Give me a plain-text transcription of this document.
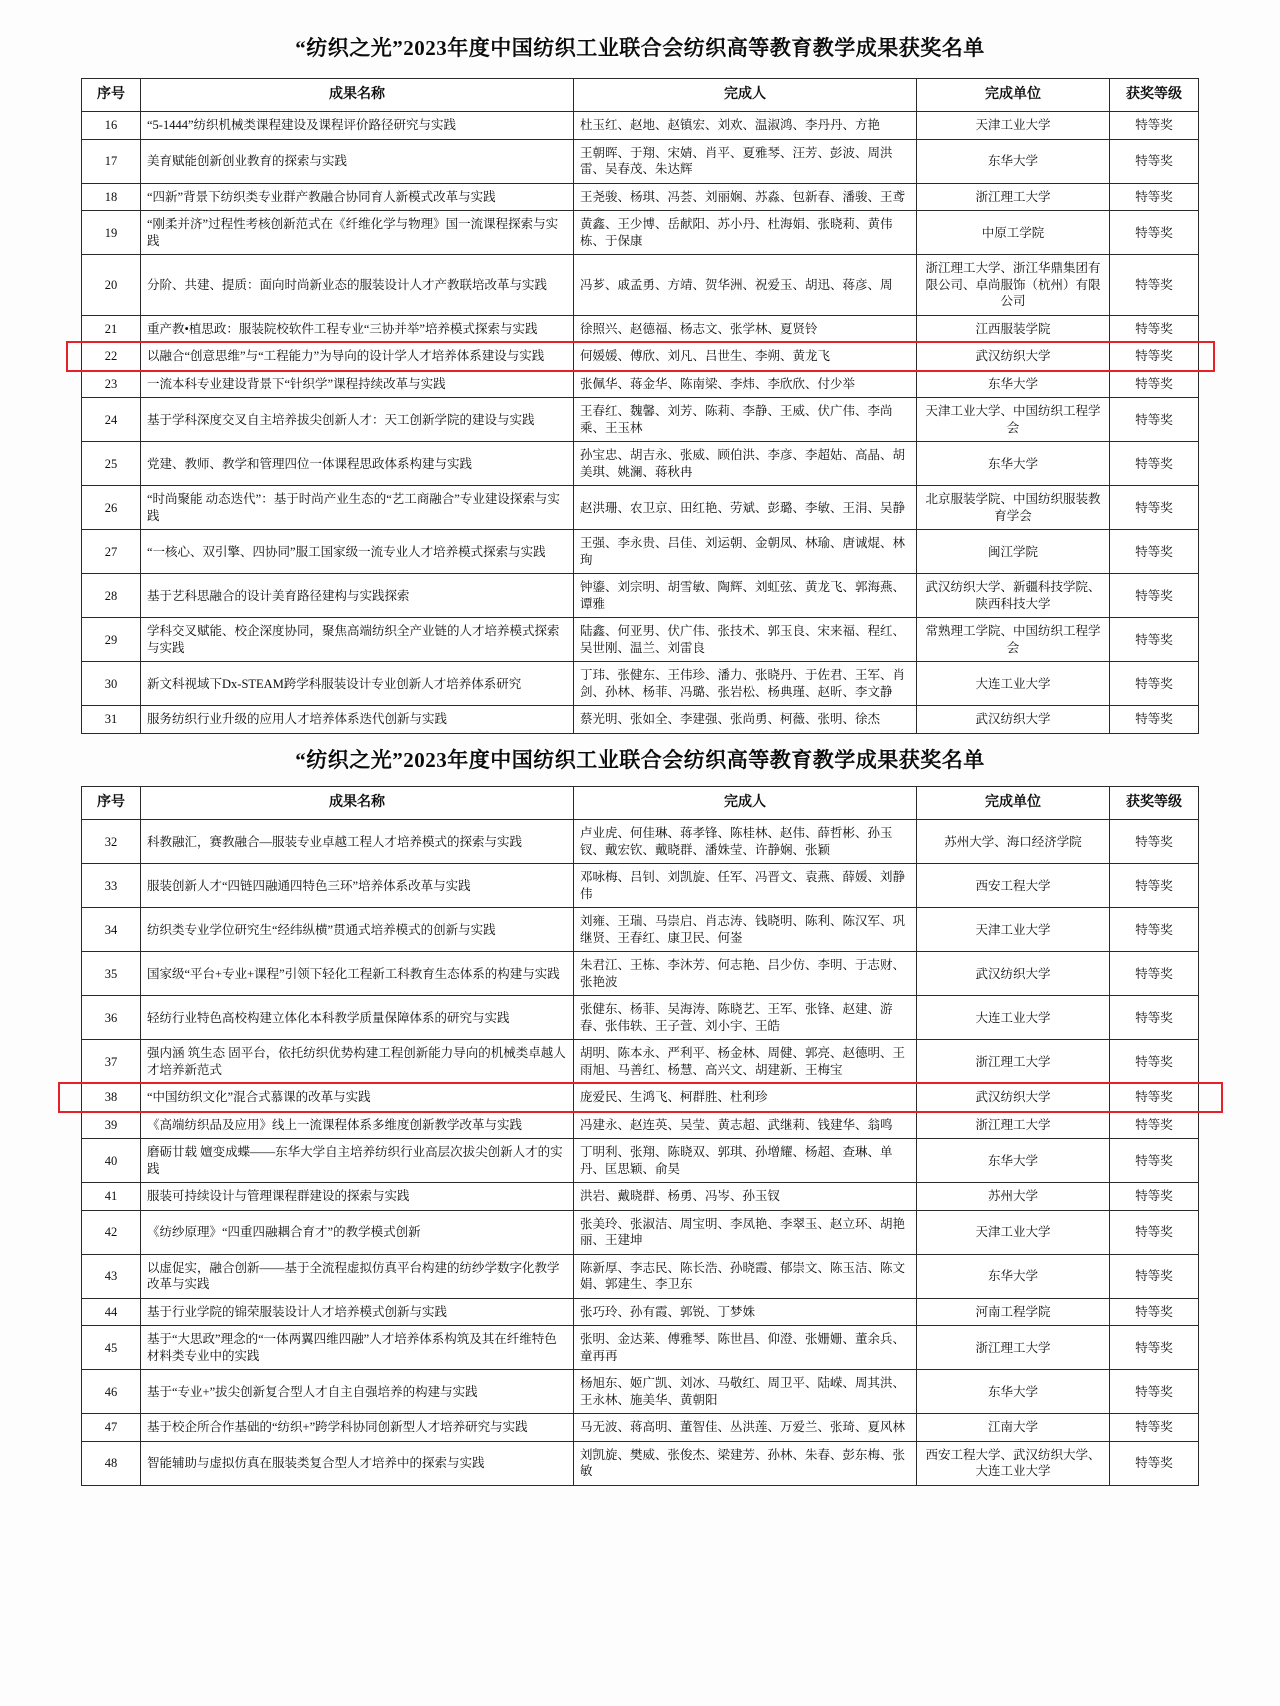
“纺织之光”2023年度中国纺织工业联合会纺织高等教育教学成果获奖名单
序号	成果名称	完成人	完成单位	获奖等级
16	“5-1444”纺织机械类课程建设及课程评价路径研究与实践	杜玉红、赵地、赵镇宏、刘欢、温淑鸿、李丹丹、方艳	天津工业大学	特等奖
17	美育赋能创新创业教育的探索与实践	王朝晖、于翔、宋婧、肖平、夏雅琴、汪芳、彭波、周洪雷、吴春茂、朱达辉	东华大学	特等奖
18	“四新”背景下纺织类专业群产教融合协同育人新模式改革与实践	王尧骏、杨琪、冯荟、刘丽娴、苏淼、包新春、潘骏、王鸢	浙江理工大学	特等奖
19	“刚柔并济”过程性考核创新范式在《纤维化学与物理》国一流课程探索与实践	黄鑫、王少博、岳献阳、苏小丹、杜海娟、张晓莉、黄伟栋、于保康	中原工学院	特等奖
20	分阶、共建、提质：面向时尚新业态的服装设计人才产教联培改革与实践	冯芗、戚孟勇、方靖、贺华洲、祝爱玉、胡迅、蒋彦、周	浙江理工大学、浙江华鼎集团有限公司、卓尚服饰（杭州）有限公司	特等奖
21	重产教•植思政：服装院校软件工程专业“三协并举”培养模式探索与实践	徐照兴、赵德福、杨志文、张学林、夏贤铃	江西服装学院	特等奖
22	以融合“创意思维”与“工程能力”为导向的设计学人才培养体系建设与实践	何媛媛、傅欣、刘凡、吕世生、李朔、黄龙飞	武汉纺织大学	特等奖
23	一流本科专业建设背景下“针织学”课程持续改革与实践	张佩华、蒋金华、陈南梁、李炜、李欣欣、付少举	东华大学	特等奖
24	基于学科深度交叉自主培养拔尖创新人才：天工创新学院的建设与实践	王春红、魏馨、刘芳、陈莉、李静、王威、伏广伟、李尚乘、王玉林	天津工业大学、中国纺织工程学会	特等奖
25	党建、教师、教学和管理四位一体课程思政体系构建与实践	孙宝忠、胡吉永、张威、顾伯洪、李彦、李超姑、高晶、胡美琪、姚澜、蒋秋冉	东华大学	特等奖
26	“时尚聚能 动态迭代”：基于时尚产业生态的“艺工商融合”专业建设探索与实践	赵洪珊、农卫京、田红艳、劳斌、彭璐、李敏、王涓、吴静	北京服装学院、中国纺织服装教育学会	特等奖
27	“一核心、双引擎、四协同”服工国家级一流专业人才培养模式探索与实践	王强、李永贵、吕佳、刘运朝、金朝凤、林瑜、唐诚焜、林珣	闽江学院	特等奖
28	基于艺科思融合的设计美育路径建构与实践探索	钟鎏、刘宗明、胡雪敏、陶辉、刘虹弦、黄龙飞、郭海燕、谭雅	武汉纺织大学、新疆科技学院、陕西科技大学	特等奖
29	学科交叉赋能、校企深度协同，聚焦高端纺织全产业链的人才培养模式探索与实践	陆鑫、何亚男、伏广伟、张技术、郭玉良、宋来福、程红、吴世刚、温兰、刘雷良	常熟理工学院、中国纺织工程学会	特等奖
30	新文科视域下Dx-STEAM跨学科服装设计专业创新人才培养体系研究	丁玮、张健东、王伟珍、潘力、张晓丹、于佐君、王军、肖剑、孙林、杨菲、冯璐、张岩松、杨典瑾、赵昕、李文静	大连工业大学	特等奖
31	服务纺织行业升级的应用人才培养体系迭代创新与实践	蔡光明、张如全、李建强、张尚勇、柯薇、张明、徐杰	武汉纺织大学	特等奖
“纺织之光”2023年度中国纺织工业联合会纺织高等教育教学成果获奖名单
序号	成果名称	完成人	完成单位	获奖等级
32	科教融汇，赛教融合—服装专业卓越工程人才培养模式的探索与实践	卢业虎、何佳琳、蒋孝锋、陈桂林、赵伟、薛哲彬、孙玉钗、戴宏钦、戴晓群、潘姝莹、许静娴、张颖	苏州大学、海口经济学院	特等奖
33	服装创新人才“四链四融通四特色三环”培养体系改革与实践	邓咏梅、吕钊、刘凯旋、任军、冯晋文、袁燕、薛媛、刘静伟	西安工程大学	特等奖
34	纺织类专业学位研究生“经纬纵横”贯通式培养模式的创新与实践	刘雍、王瑞、马崇启、肖志涛、钱晓明、陈利、陈汉军、巩继贤、王春红、康卫民、何崟	天津工业大学	特等奖
35	国家级“平台+专业+课程”引领下轻化工程新工科教育生态体系的构建与实践	朱君江、王栋、李沐芳、何志艳、吕少仿、李明、于志财、张艳波	武汉纺织大学	特等奖
36	轻纺行业特色高校构建立体化本科教学质量保障体系的研究与实践	张健东、杨菲、吴海涛、陈晓艺、王军、张锋、赵建、游春、张伟轶、王子萱、刘小宇、王皓	大连工业大学	特等奖
37	强内涵 筑生态 固平台，依托纺织优势构建工程创新能力导向的机械类卓越人才培养新范式	胡明、陈本永、严利平、杨金林、周健、郭亮、赵德明、王雨旭、马善红、杨慧、高兴文、胡建新、王梅宝	浙江理工大学	特等奖
38	“中国纺织文化”混合式慕课的改革与实践	庞爱民、生鸿飞、柯群胜、杜利珍	武汉纺织大学	特等奖
39	《高端纺织品及应用》线上一流课程体系多维度创新教学改革与实践	冯建永、赵连英、吴莹、黄志超、武继莉、钱建华、翁鸣	浙江理工大学	特等奖
40	磨砺廿载 嬗变成蝶——东华大学自主培养纺织行业高层次拔尖创新人才的实践	丁明利、张翔、陈晓双、郭琪、孙增耀、杨超、查琳、单丹、匡思颖、俞昊	东华大学	特等奖
41	服装可持续设计与管理课程群建设的探索与实践	洪岩、戴晓群、杨勇、冯岑、孙玉钗	苏州大学	特等奖
42	《纺纱原理》“四重四融耦合育才”的教学模式创新	张美玲、张淑洁、周宝明、李凤艳、李翠玉、赵立环、胡艳丽、王建坤	天津工业大学	特等奖
43	以虚促实，融合创新——基于全流程虚拟仿真平台构建的纺纱学数字化教学改革与实践	陈新厚、李志民、陈长浩、孙晓霞、郁崇文、陈玉洁、陈文娟、郭建生、李卫东	东华大学	特等奖
44	基于行业学院的锦荣服装设计人才培养模式创新与实践	张巧玲、孙有霞、郭锐、丁梦姝	河南工程学院	特等奖
45	基于“大思政”理念的“一体两翼四维四融”人才培养体系构筑及其在纤维特色材料类专业中的实践	张明、金达莱、傅雅琴、陈世昌、仰澄、张姗姗、董余兵、童再再	浙江理工大学	特等奖
46	基于“专业+”拔尖创新复合型人才自主自强培养的构建与实践	杨旭东、姬广凯、刘冰、马敬红、周卫平、陆嵘、周其洪、王永林、施美华、黄朝阳	东华大学	特等奖
47	基于校企所合作基础的“纺织+”跨学科协同创新型人才培养研究与实践	马无波、蒋高明、董智佳、丛洪莲、万爱兰、张琦、夏风林	江南大学	特等奖
48	智能辅助与虚拟仿真在服装类复合型人才培养中的探索与实践	刘凯旋、樊威、张俊杰、梁建芳、孙林、朱春、彭东梅、张敏	西安工程大学、武汉纺织大学、大连工业大学	特等奖
